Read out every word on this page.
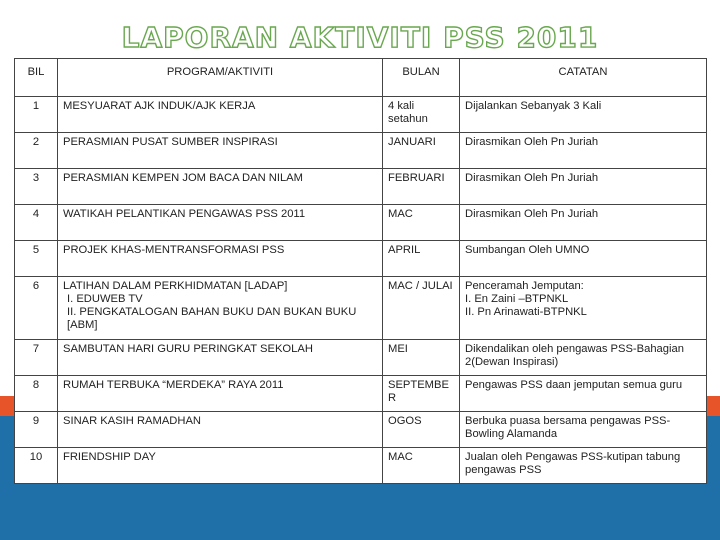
LAPORAN AKTIVITI PSS 2011
BIL	PROGRAM/AKTIVITI	BULAN	CATATAN
1	MESYUARAT AJK INDUK/AJK KERJA	4 kali setahun	Dijalankan Sebanyak 3 Kali
2	PERASMIAN PUSAT SUMBER INSPIRASI	JANUARI	Dirasmikan Oleh Pn Juriah
3	PERASMIAN KEMPEN JOM BACA DAN NILAM	FEBRUARI	Dirasmikan Oleh Pn Juriah
4	WATIKAH PELANTIKAN PENGAWAS PSS 2011	MAC	Dirasmikan Oleh Pn Juriah
5	PROJEK KHAS-MENTRANSFORMASI PSS	APRIL	Sumbangan Oleh UMNO
6	LATIHAN DALAM PERKHIDMATAN [LADAP]
I. EDUWEB TV
II. PENGKATALOGAN BAHAN BUKU DAN BUKAN BUKU [ABM]	MAC / JULAI	Penceramah Jemputan:
I. En Zaini –BTPNKL
II. Pn Arinawati-BTPNKL

7	SAMBUTAN HARI GURU PERINGKAT SEKOLAH	MEI	Dikendalikan oleh pengawas PSS-Bahagian 2(Dewan Inspirasi)
8	RUMAH TERBUKA “MERDEKA” RAYA 2011	SEPTEMBER	Pengawas PSS daan jemputan semua guru
9	SINAR KASIH RAMADHAN	OGOS	Berbuka puasa bersama pengawas PSS-Bowling Alamanda
10	FRIENDSHIP DAY	MAC	Jualan oleh Pengawas PSS-kutipan tabung pengawas PSS
